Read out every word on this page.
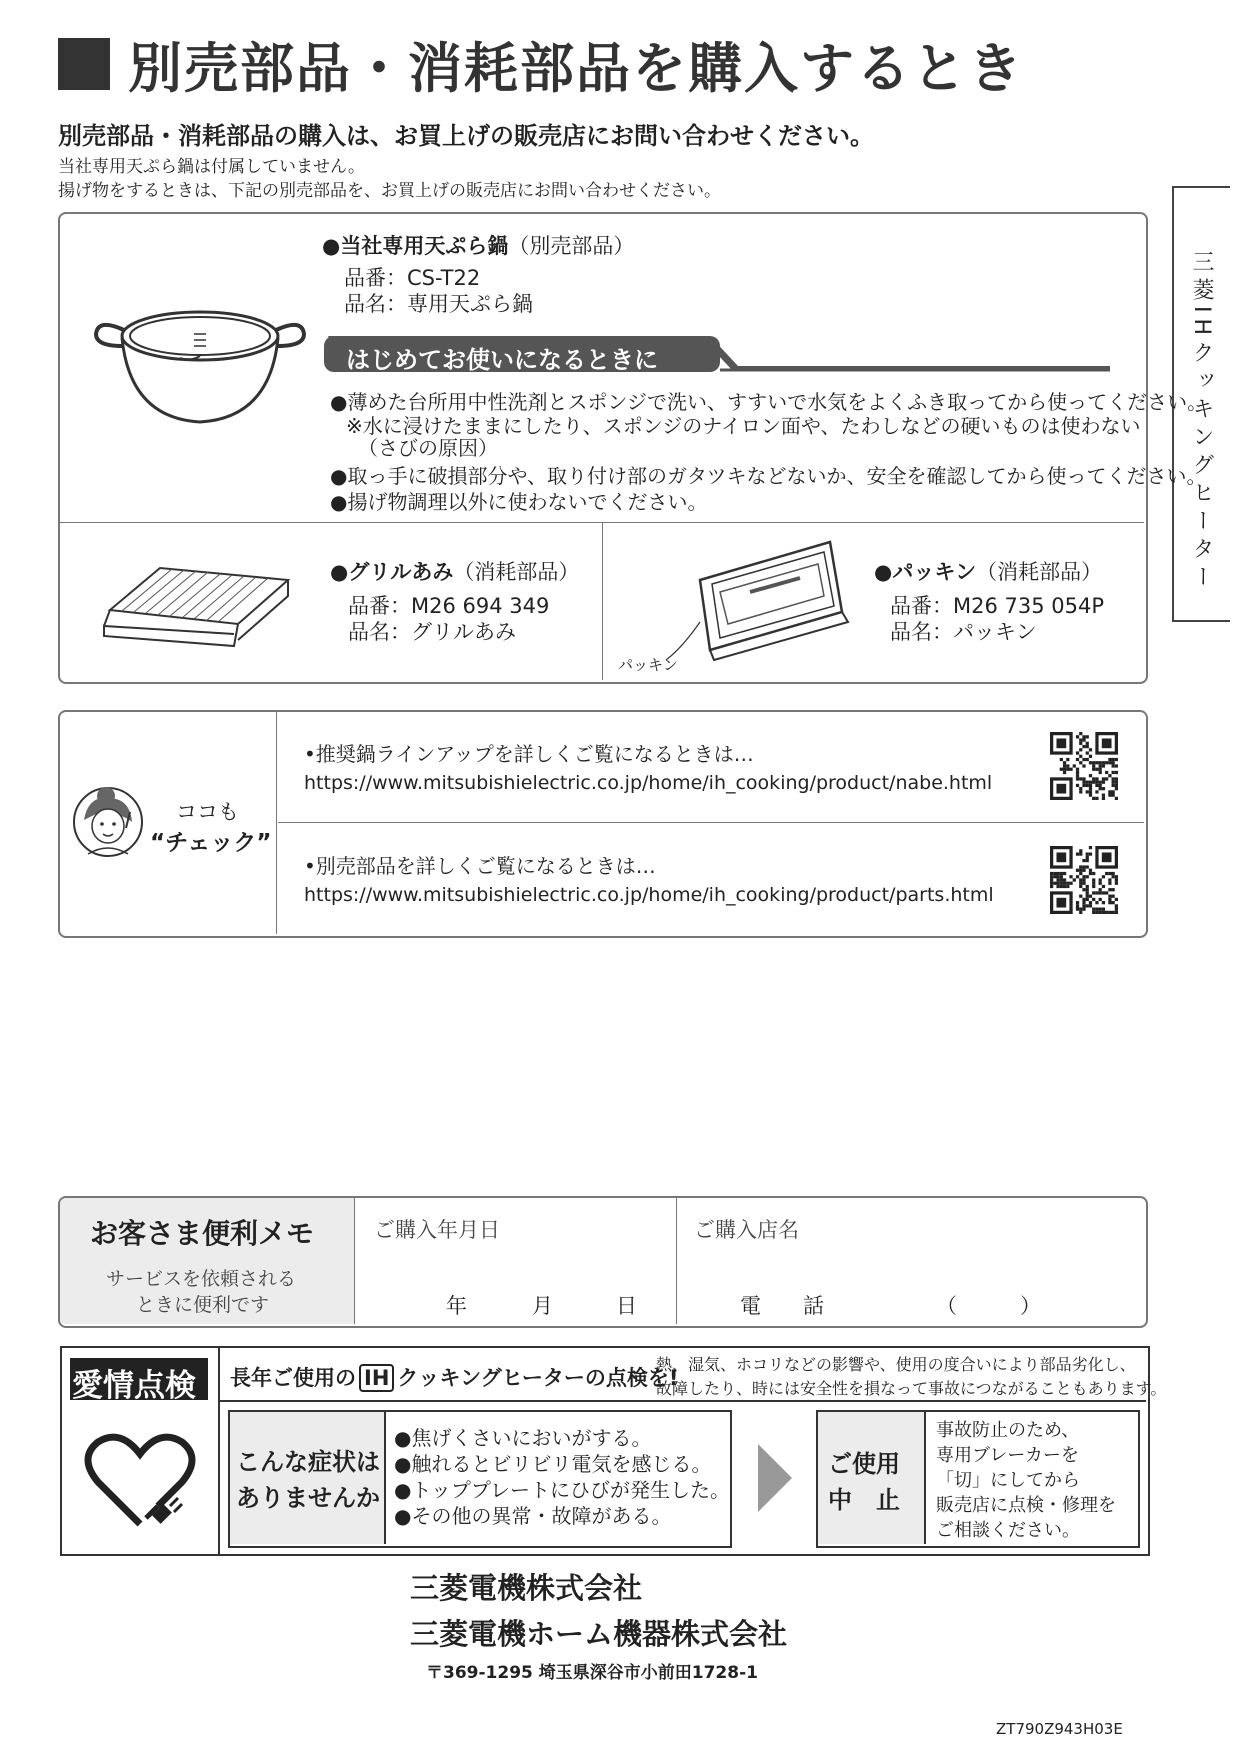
別売部品・消耗部品を購入するとき
別売部品・消耗部品の購入は、お買上げの販売店にお問い合わせください。
当社専用天ぷら鍋は付属していません。
揚げ物をするときは、下記の別売部品を、お買上げの販売店にお問い合わせください。
三菱IHクッキングヒーター
●当社専用天ぷら鍋（別売部品）
品番：CS-T22
品名：専用天ぷら鍋
はじめてお使いになるときに
●薄めた台所用中性洗剤とスポンジで洗い、すすいで水気をよくふき取ってから使ってください。
※水に浸けたままにしたり、スポンジのナイロン面や、たわしなどの硬いものは使わない
（さびの原因）
●取っ手に破損部分や、取り付け部のガタツキなどないか、安全を確認してから使ってください。
●揚げ物調理以外に使わないでください。
●グリルあみ（消耗部品）
品番：M26 694 349
品名：グリルあみ
パッキン
●パッキン（消耗部品）
品番：M26 735 054P
品名：パッキン
ココも
“チェック”
•推奨鍋ラインアップを詳しくご覧になるときは…
https://www.mitsubishielectric.co.jp/home/ih_cooking/product/nabe.html
•別売部品を詳しくご覧になるときは…
https://www.mitsubishielectric.co.jp/home/ih_cooking/product/parts.html
お客さま便利メモ
サービスを依頼される
ときに便利です
ご購入年月日
年	月	日
ご購入店名
電　　話	（　　　）
愛情点検 長年ご使用の IH クッキングヒーターの点検を!
熱、湿気、ホコリなどの影響や、使用の度合いにより部品劣化し、
故障したり、時には安全性を損なって事故につながることもあります。
こんな症状は
ありませんか
●焦げくさいにおいがする。
●触れるとビリビリ電気を感じる。
●トッププレートにひびが発生した。
●その他の異常・故障がある。
ご使用
中　止
事故防止のため、
専用ブレーカーを
「切」にしてから
販売店に点検・修理を
ご相談ください。
三菱電機株式会社
三菱電機ホーム機器株式会社
〒369-1295 埼玉県深谷市小前田1728-1
ZT790Z943H03E
